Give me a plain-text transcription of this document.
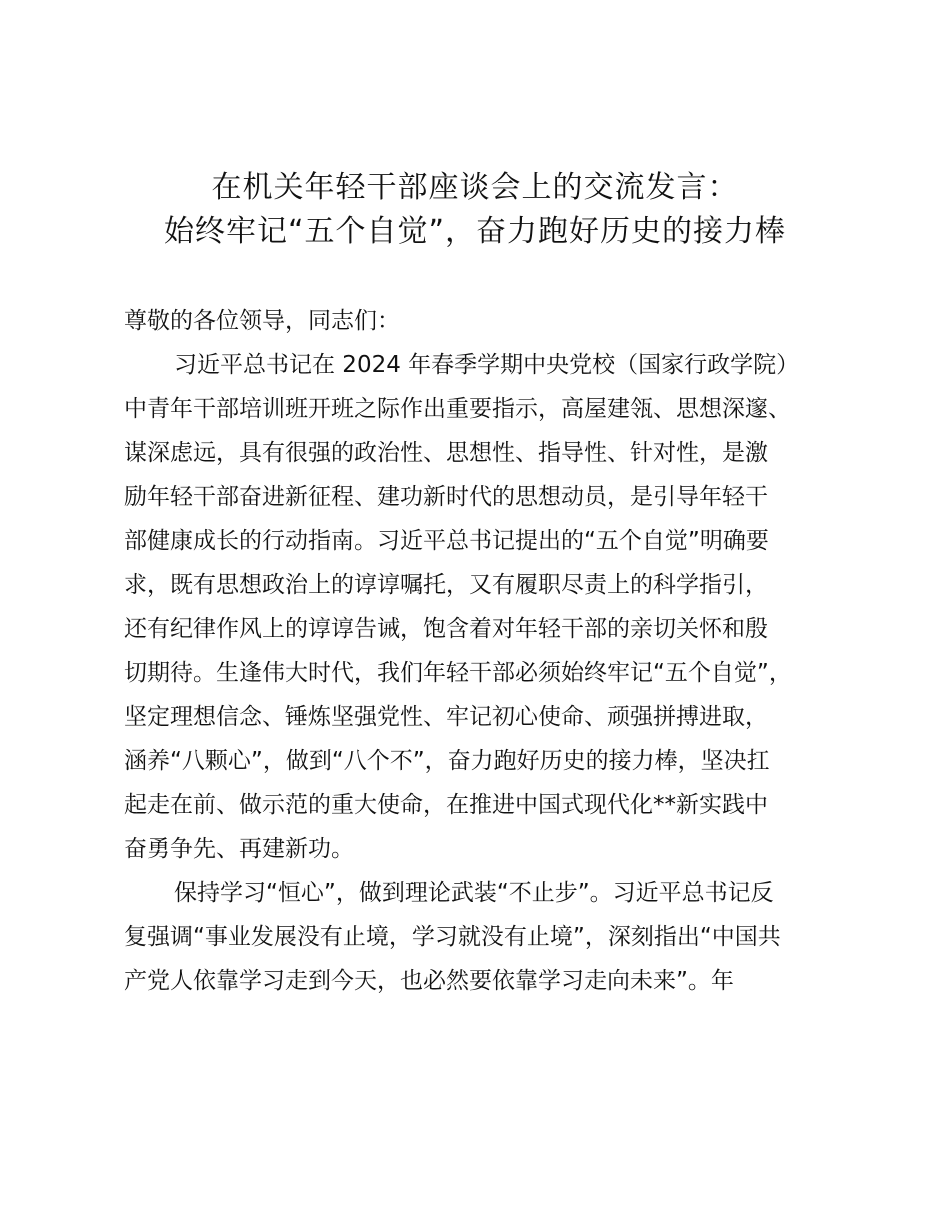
在机关年轻干部座谈会上的交流发言：
始终牢记“五个自觉”，奋力跑好历史的接力棒
尊敬的各位领导，同志们：
习近平总书记在 2024 年春季学期中央党校（国家行政学院）
中青年干部培训班开班之际作出重要指示，高屋建瓴、思想深邃、
谋深虑远，具有很强的政治性、思想性、指导性、针对性，是激
励年轻干部奋进新征程、建功新时代的思想动员，是引导年轻干
部健康成长的行动指南。习近平总书记提出的“五个自觉”明确要
求，既有思想政治上的谆谆嘱托，又有履职尽责上的科学指引，
还有纪律作风上的谆谆告诫，饱含着对年轻干部的亲切关怀和殷
切期待。生逢伟大时代，我们年轻干部必须始终牢记“五个自觉”，
坚定理想信念、锤炼坚强党性、牢记初心使命、顽强拼搏进取，
涵养“八颗心”，做到“八个不”，奋力跑好历史的接力棒，坚决扛
起走在前、做示范的重大使命，在推进中国式现代化**新实践中
奋勇争先、再建新功。
保持学习“恒心”，做到理论武装“不止步”。习近平总书记反
复强调“事业发展没有止境，学习就没有止境”，深刻指出“中国共
产党人依靠学习走到今天，也必然要依靠学习走向未来”。年
